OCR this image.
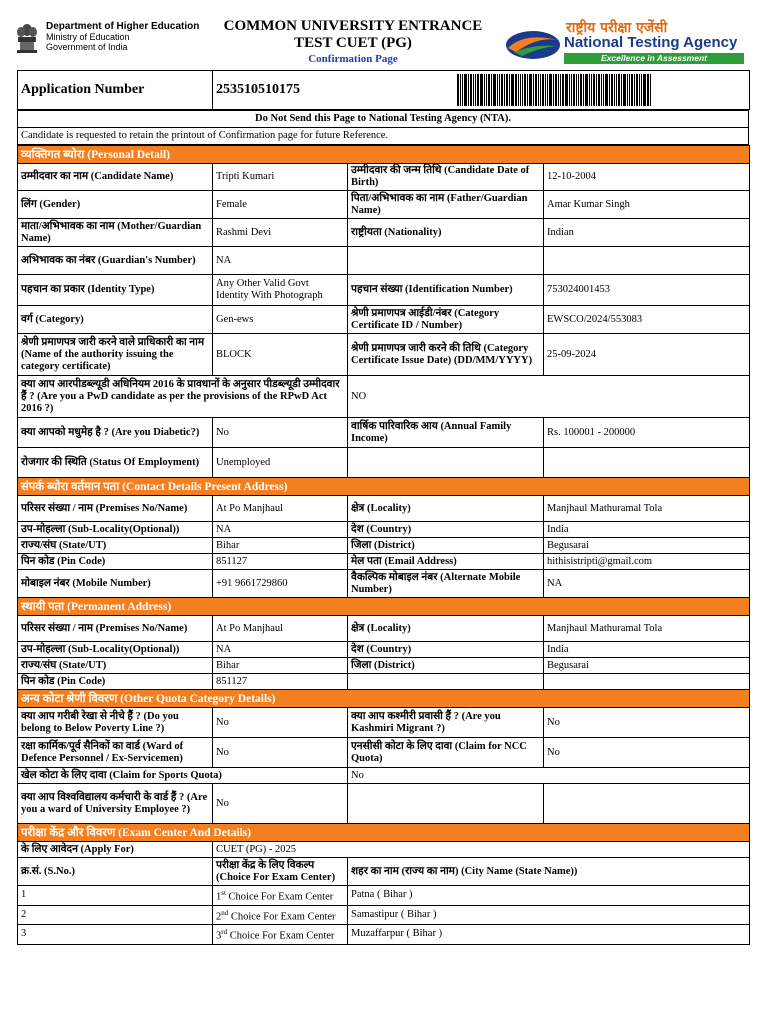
Department of Higher Education
Ministry of Education
Government of India
COMMON UNIVERSITY ENTRANCE
TEST CUET (PG)
Confirmation Page
राष्ट्रीय परीक्षा एजेंसी
National Testing Agency
Excellence in Assessment
Application Number	253510510175	
Do Not Send this Page to National Testing Agency (NTA).
Candidate is requested to retain the printout of Confirmation page for future Reference.
व्यक्तिगत ब्योरा (Personal Detail)			
उम्मीदवार का नाम (Candidate Name)	Tripti Kumari	उम्मीदवार की जन्म तिथि (Candidate Date of Birth)	12-10-2004
लिंग (Gender)	Female	पिता/अभिभावक का नाम (Father/Guardian Name)	Amar Kumar Singh
माता/अभिभावक का नाम (Mother/Guardian Name)	Rashmi Devi	राष्ट्रीयता (Nationality)	Indian
अभिभावक का नंबर (Guardian's Number)	NA		
पहचान का प्रकार (Identity Type)	Any Other Valid Govt Identity With Photograph	पहचान संख्या (Identification Number)	753024001453
वर्ग (Category)	Gen-ews	श्रेणी प्रमाणपत्र आईडी/नंबर (Category Certificate ID / Number)	EWSCO/2024/553083
श्रेणी प्रमाणपत्र जारी करने वाले प्राधिकारी का नाम (Name of the authority issuing the category certificate)	BLOCK	श्रेणी प्रमाणपत्र जारी करने की तिथि (Category Certificate Issue Date) (DD/MM/YYYY)	25-09-2024
क्या आप आरपीडब्ल्यूडी अधिनियम 2016 के प्रावधानों के अनुसार पीडब्ल्यूडी उम्मीदवार हैं ? (Are you a PwD candidate as per the provisions of the RPwD Act 2016 ?)		NO	
क्या आपको मधुमेह है ? (Are you Diabetic?)	No	वार्षिक पारिवारिक आय (Annual Family Income)	Rs. 100001 - 200000
रोजगार की स्थिति (Status Of Employment)	Unemployed		
संपर्क ब्योरा वर्तमान पता (Contact Details Present Address)			
परिसर संख्या / नाम (Premises No/Name)	At Po Manjhaul	क्षेत्र (Locality)	Manjhaul Mathuramal Tola
उप-मोहल्ला (Sub-Locality(Optional))	NA	देश (Country)	India
राज्य/संघ (State/UT)	Bihar	जिला (District)	Begusarai
पिन कोड (Pin Code)	851127	मेल पता (Email Address)	hithisistripti@gmail.com
मोबाइल नंबर (Mobile Number)	+91 9661729860	वैकल्पिक मोबाइल नंबर (Alternate Mobile Number)	NA
स्थायी पता (Permanent Address)			
परिसर संख्या / नाम (Premises No/Name)	At Po Manjhaul	क्षेत्र (Locality)	Manjhaul Mathuramal Tola
उप-मोहल्ला (Sub-Locality(Optional))	NA	देश (Country)	India
राज्य/संघ (State/UT)	Bihar	जिला (District)	Begusarai
पिन कोड (Pin Code)	851127		
अन्य कोटा श्रेणी विवरण (Other Quota Category Details)			
क्या आप गरीबी रेखा से नीचे हैं ? (Do you belong to Below Poverty Line ?)	No	क्या आप कश्मीरी प्रवासी हैं ? (Are you Kashmiri Migrant ?)	No
रक्षा कार्मिक/पूर्व सैनिकों का वार्ड (Ward of Defence Personnel / Ex-Servicemen)	No	एनसीसी कोटा के लिए दावा (Claim for NCC Quota)	No
खेल कोटा के लिए दावा (Claim for Sports Quota)		No	
क्या आप विश्वविद्यालय कर्मचारी के वार्ड हैं ? (Are you a ward of University Employee ?)	No		
परीक्षा केंद्र और विवरण (Exam Center And Details)			
के लिए आवेदन (Apply For)	CUET (PG) - 2025		
क्र.सं. (S.No.)	परीक्षा केंद्र के लिए विकल्प (Choice For Exam Center)	शहर का नाम (राज्य का नाम) (City Name (State Name))	
1	1st Choice For Exam Center	Patna ( Bihar )	
2	2nd Choice For Exam Center	Samastipur ( Bihar )	
3	3rd Choice For Exam Center	Muzaffarpur ( Bihar )	
